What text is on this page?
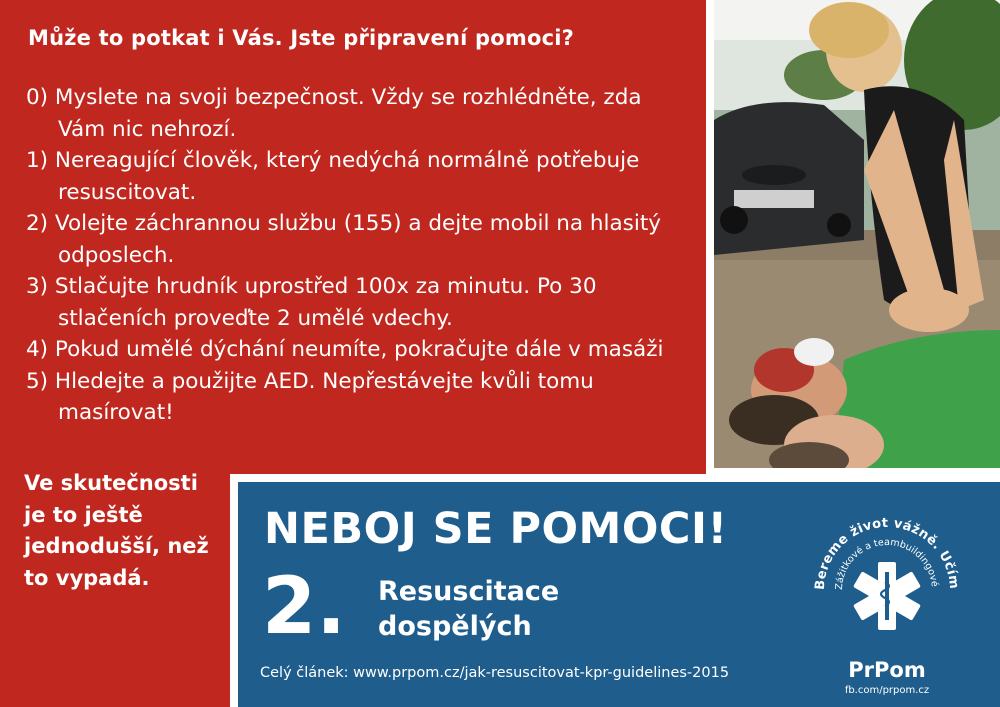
Může to potkat i Vás. Jste připravení pomoci?
0) Myslete na svoji bezpečnost. Vždy se rozhlédněte, zda Vám nic nehrozí.
1) Nereagující člověk, který nedýchá normálně potřebuje resuscitovat.
2) Volejte záchrannou službu (155) a dejte mobil na hlasitý odposlech.
3) Stlačujte hrudník uprostřed 100x za minutu. Po 30 stlačeních proveďte 2 umělé vdechy.
4) Pokud umělé dýchání neumíte, pokračujte dále v masáži
5) Hledejte a použijte AED. Nepřestávejte kvůli tomu masírovat!
Ve skutečnosti je to ještě jednodušší, než to vypadá.
NEBOJ SE POMOCI!
2. Resuscitace
dospělých
Celý článek: www.prpom.cz/jak-resuscitovat-kpr-guidelines-2015
Bereme život vážně. Učím
Zážitkové a teambuildingové
PrPom
fb.com/prpom.cz
